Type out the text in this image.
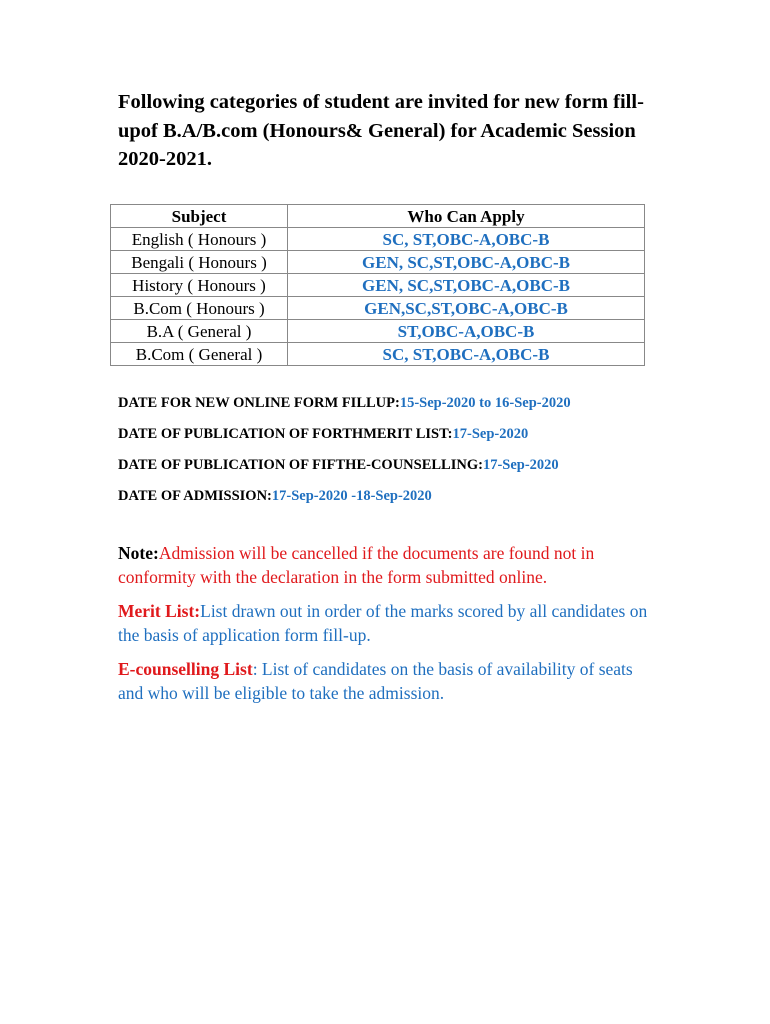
Following categories of student are invited for new form fill-upof B.A/B.com (Honours& General) for Academic Session 2020-2021.
Subject	Who Can Apply
English ( Honours )	SC, ST,OBC-A,OBC-B
Bengali ( Honours )	GEN, SC,ST,OBC-A,OBC-B
History ( Honours )	GEN, SC,ST,OBC-A,OBC-B
B.Com ( Honours )	GEN,SC,ST,OBC-A,OBC-B
B.A ( General )	ST,OBC-A,OBC-B
B.Com ( General )	SC, ST,OBC-A,OBC-B
DATE FOR NEW ONLINE FORM FILLUP:15-Sep-2020 to 16-Sep-2020
DATE OF PUBLICATION OF FORTHMERIT LIST:17-Sep-2020
DATE OF PUBLICATION OF FIFTHE-COUNSELLING:17-Sep-2020
DATE OF ADMISSION:17-Sep-2020 -18-Sep-2020
Note:Admission will be cancelled if the documents are found not in conformity with the declaration in the form submitted online.
Merit List:List drawn out in order of the marks scored by all candidates on the basis of application form fill-up.
E-counselling List: List of candidates on the basis of availability of seats and who will be eligible to take the admission.
